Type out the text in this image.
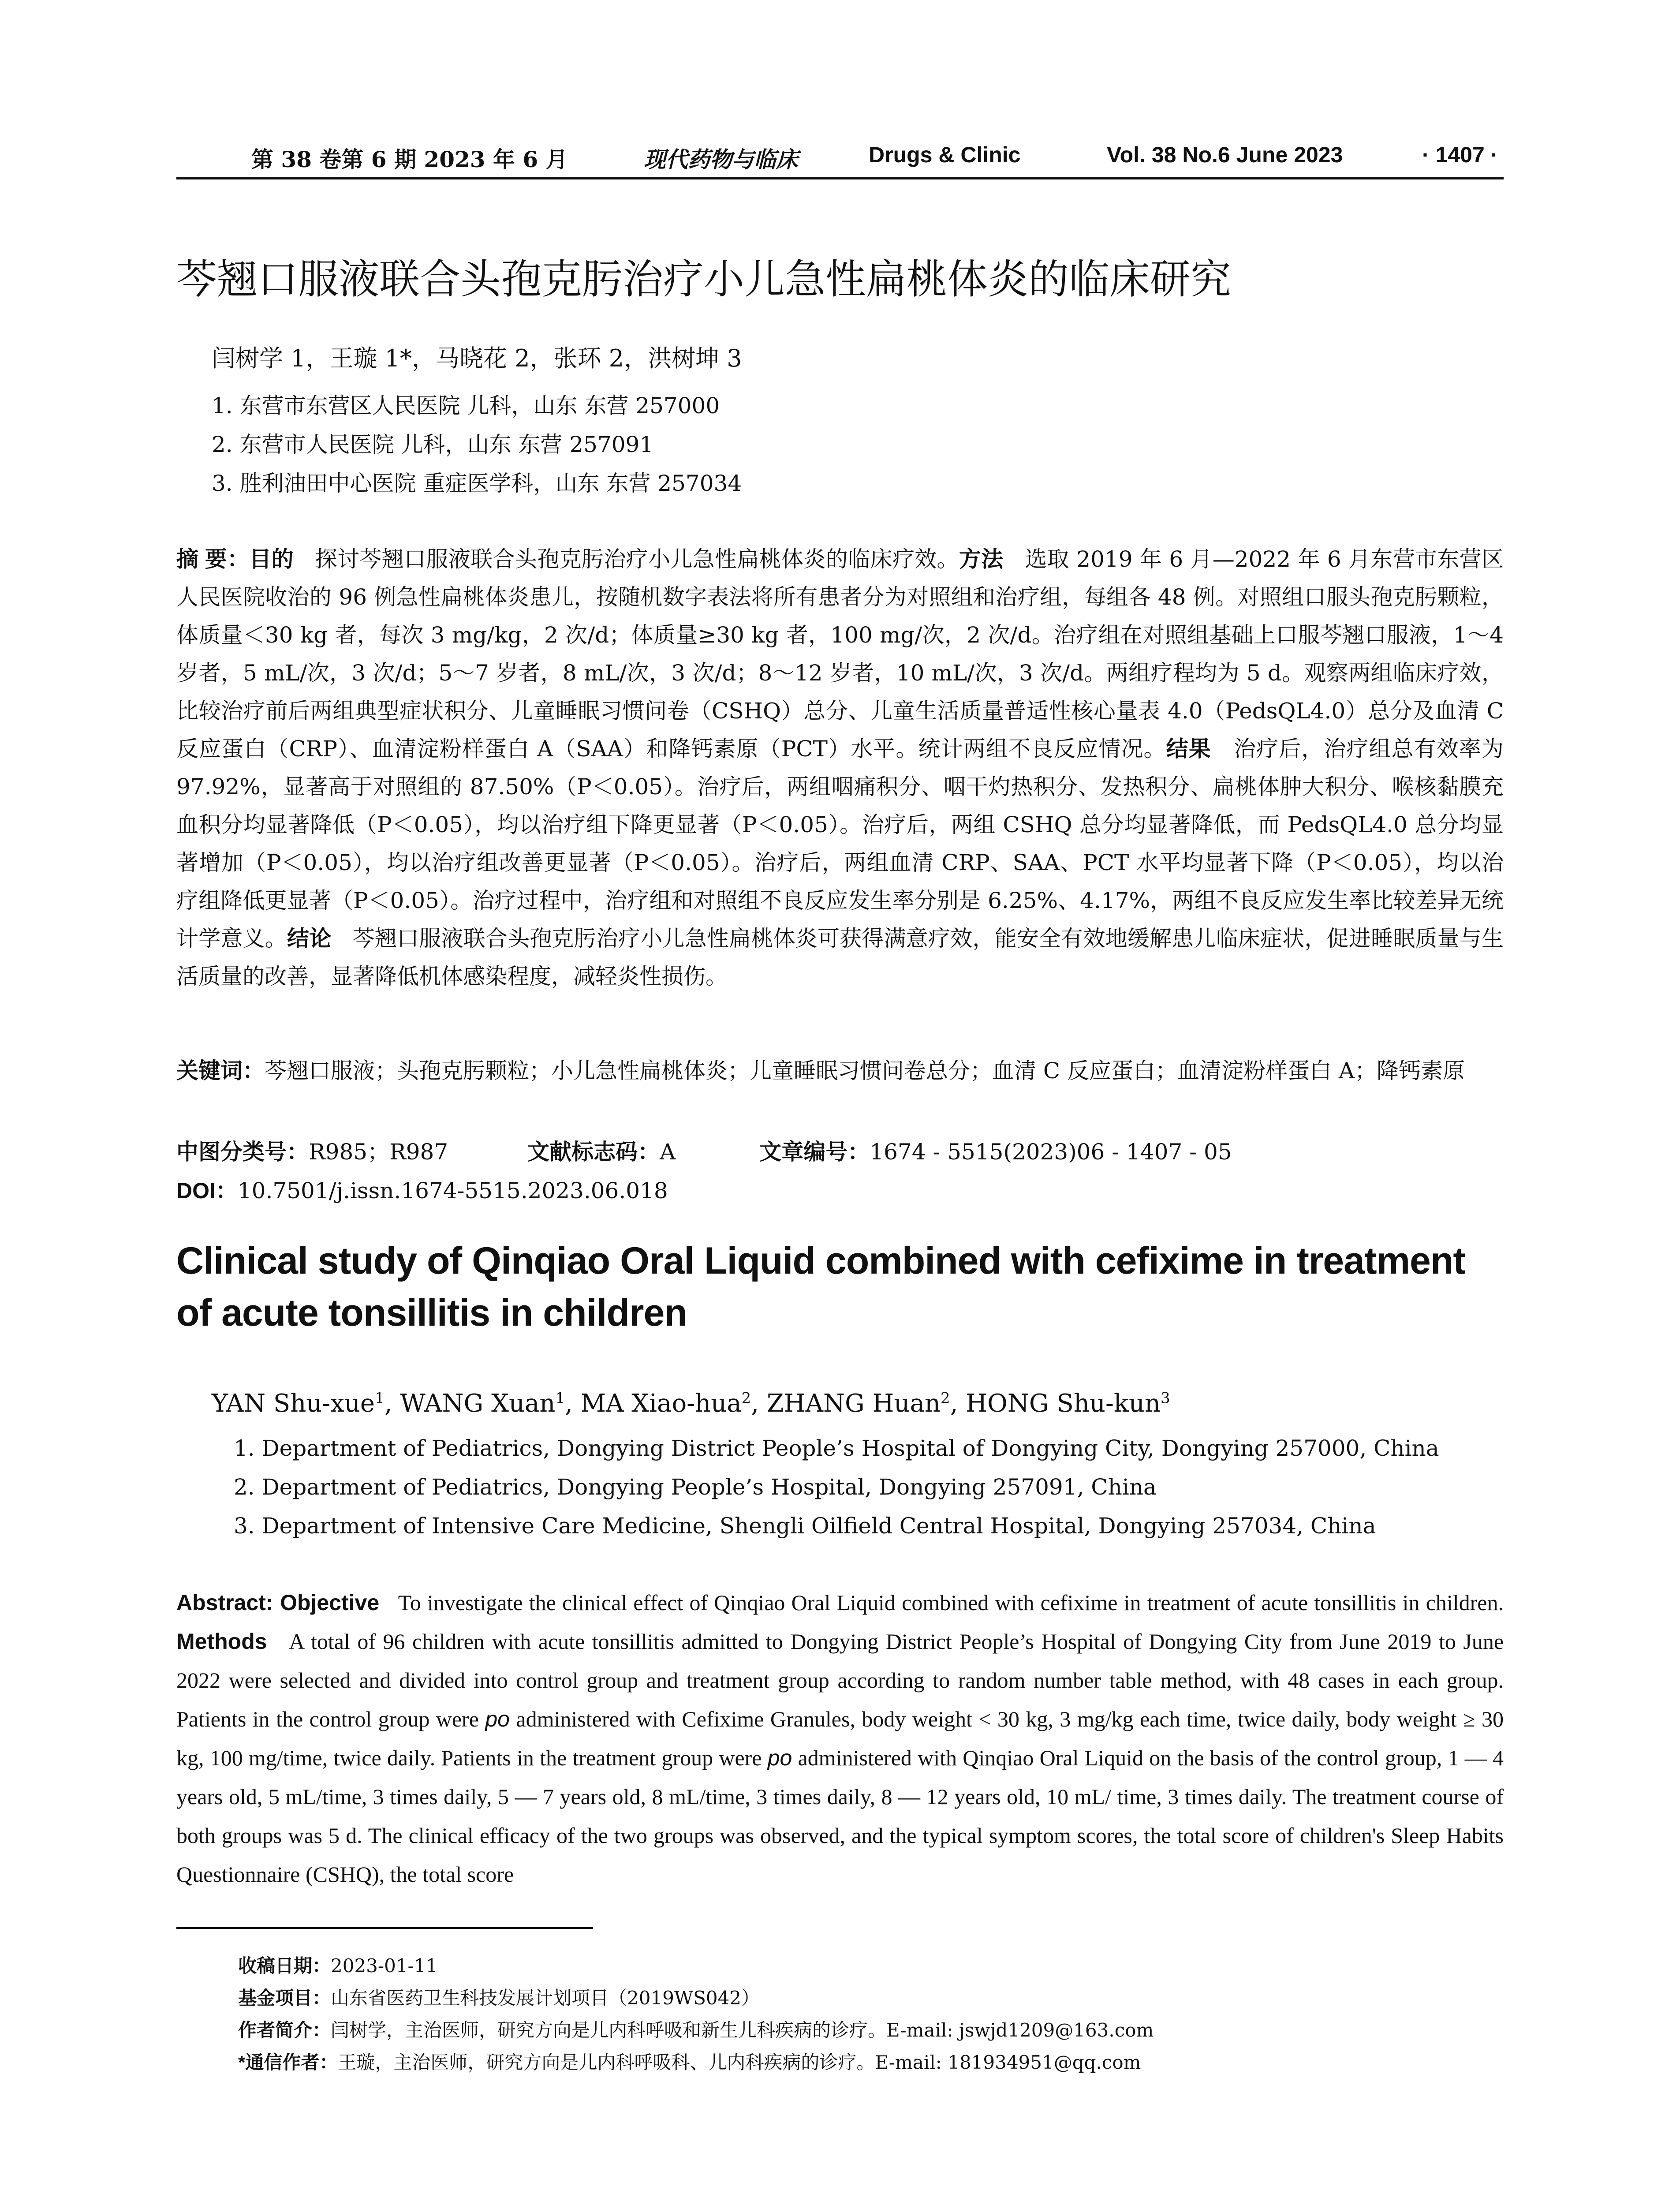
第 38 卷第 6 期 2023 年 6 月	现代药物与临床	Drugs & Clinic	Vol. 38 No.6 June 2023	· 1407 ·
芩翘口服液联合头孢克肟治疗小儿急性扁桃体炎的临床研究
闫树学 1，王璇 1*，马晓花 2，张环 2，洪树坤 3
1. 东营市东营区人民医院 儿科，山东 东营 257000
2. 东营市人民医院 儿科，山东 东营 257091
3. 胜利油田中心医院 重症医学科，山东 东营 257034
摘 要：目的 探讨芩翘口服液联合头孢克肟治疗小儿急性扁桃体炎的临床疗效。方法 选取 2019 年 6 月—2022 年 6 月东营市东营区人民医院收治的 96 例急性扁桃体炎患儿，按随机数字表法将所有患者分为对照组和治疗组，每组各 48 例。对照组口服头孢克肟颗粒，体质量＜30 kg 者，每次 3 mg/kg，2 次/d；体质量≥30 kg 者，100 mg/次，2 次/d。治疗组在对照组基础上口服芩翘口服液，1～4 岁者，5 mL/次，3 次/d；5～7 岁者，8 mL/次，3 次/d；8～12 岁者，10 mL/次，3 次/d。两组疗程均为 5 d。观察两组临床疗效，比较治疗前后两组典型症状积分、儿童睡眠习惯问卷（CSHQ）总分、儿童生活质量普适性核心量表 4.0（PedsQL4.0）总分及血清 C 反应蛋白（CRP）、血清淀粉样蛋白 A（SAA）和降钙素原（PCT）水平。统计两组不良反应情况。结果 治疗后，治疗组总有效率为 97.92%，显著高于对照组的 87.50%（P＜0.05）。治疗后，两组咽痛积分、咽干灼热积分、发热积分、扁桃体肿大积分、喉核黏膜充血积分均显著降低（P＜0.05），均以治疗组下降更显著（P＜0.05）。治疗后，两组 CSHQ 总分均显著降低，而 PedsQL4.0 总分均显著增加（P＜0.05），均以治疗组改善更显著（P＜0.05）。治疗后，两组血清 CRP、SAA、PCT 水平均显著下降（P＜0.05），均以治疗组降低更显著（P＜0.05）。治疗过程中，治疗组和对照组不良反应发生率分别是 6.25%、4.17%，两组不良反应发生率比较差异无统计学意义。结论 芩翘口服液联合头孢克肟治疗小儿急性扁桃体炎可获得满意疗效，能安全有效地缓解患儿临床症状，促进睡眠质量与生活质量的改善，显著降低机体感染程度，减轻炎性损伤。
关键词：芩翘口服液；头孢克肟颗粒；小儿急性扁桃体炎；儿童睡眠习惯问卷总分；血清 C 反应蛋白；血清淀粉样蛋白 A；降钙素原
中图分类号：R985；R987	文献标志码：A	文章编号：1674 - 5515(2023)06 - 1407 - 05
DOI：10.7501/j.issn.1674-5515.2023.06.018
Clinical study of Qinqiao Oral Liquid combined with cefixime in treatment of acute tonsillitis in children
YAN Shu-xue$^1$, WANG Xuan$^1$, MA Xiao-hua$^2$, ZHANG Huan$^2$, HONG Shu-kun$^3$
1. Department of Pediatrics, Dongying District People’s Hospital of Dongying City, Dongying 257000, China
2. Department of Pediatrics, Dongying People’s Hospital, Dongying 257091, China
3. Department of Intensive Care Medicine, Shengli Oilfield Central Hospital, Dongying 257034, China
Abstract: Objective To investigate the clinical effect of Qinqiao Oral Liquid combined with cefixime in treatment of acute tonsillitis in children. Methods A total of 96 children with acute tonsillitis admitted to Dongying District People’s Hospital of Dongying City from June 2019 to June 2022 were selected and divided into control group and treatment group according to random number table method, with 48 cases in each group. Patients in the control group were po administered with Cefixime Granules, body weight < 30 kg, 3 mg/kg each time, twice daily, body weight ≥ 30 kg, 100 mg/time, twice daily. Patients in the treatment group were po administered with Qinqiao Oral Liquid on the basis of the control group, 1 — 4 years old, 5 mL/time, 3 times daily, 5 — 7 years old, 8 mL/time, 3 times daily, 8 — 12 years old, 10 mL/ time, 3 times daily. The treatment course of both groups was 5 d. The clinical efficacy of the two groups was observed, and the typical symptom scores, the total score of children's Sleep Habits Questionnaire (CSHQ), the total score
收稿日期：2023-01-11
基金项目：山东省医药卫生科技发展计划项目（2019WS042）
作者简介：闫树学，主治医师，研究方向是儿内科呼吸和新生儿科疾病的诊疗。E-mail: jswjd1209@163.com
*通信作者：王璇，主治医师，研究方向是儿内科呼吸科、儿内科疾病的诊疗。E-mail: 181934951@qq.com
